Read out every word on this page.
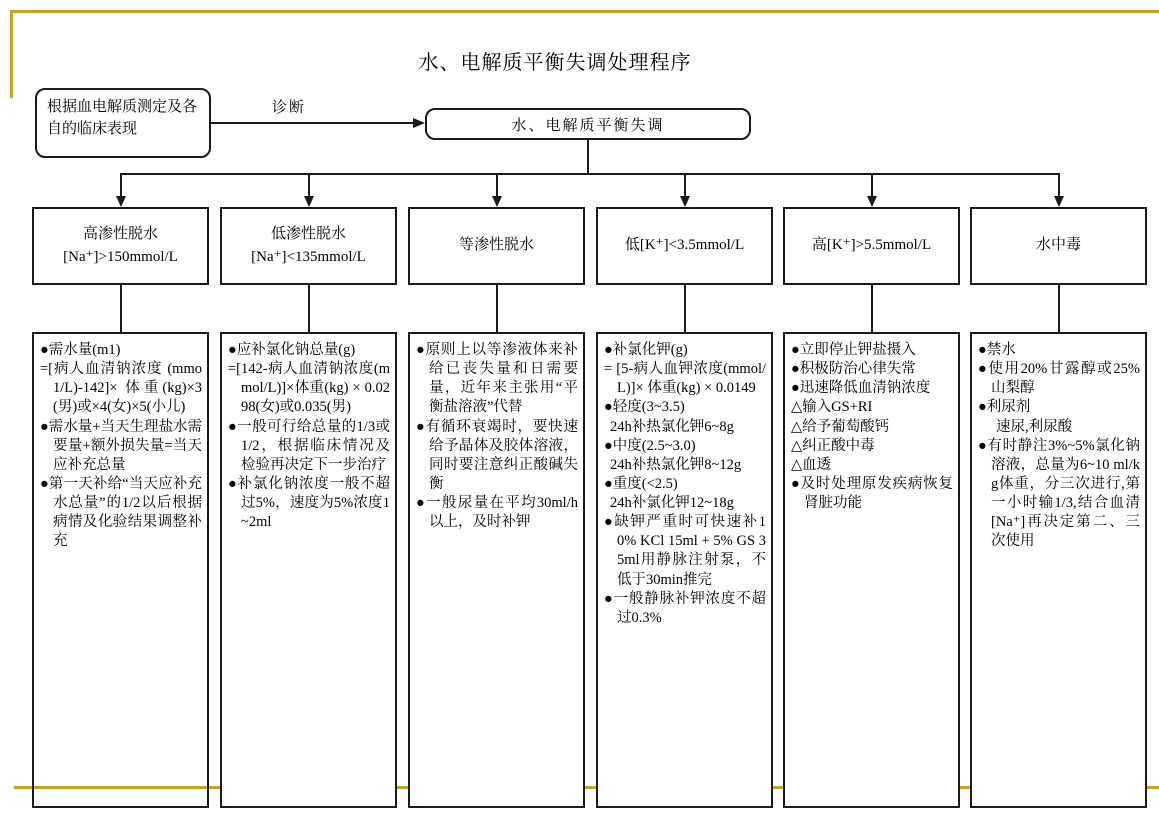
水、电解质平衡失调处理程序
根据血电解质测定及各自的临床表现
诊断
水、电解质平衡失调
高渗性脱水
[Na⁺]>150mmol/L
●需水量(m1)
=[病人血清钠浓度 (mmo1/L)-142]× 体重(kg)×3(男)或×4(女)×5(小儿)
●需水量+当天生理盐水需要量+额外损失量=当天应补充总量
●第一天补给“当天应补充水总量”的1/2以后根据病情及化验结果调整补充
低渗性脱水
[Na⁺]<135mmol/L
●应补氯化钠总量(g)
=[142-病人血清钠浓度(mmol/L)]×体重(kg) × 0.0298(女)或0.035(男)
●一般可行给总量的1/3或1/2，根据临床情况及检验再决定下一步治疗
●补氯化钠浓度一般不超过5%，速度为5%浓度1~2ml
等渗性脱水
●原则上以等渗液体来补给已丧失量和日需要量，近年来主张用“平衡盐溶液”代替
●有循环衰竭时，要快速给予晶体及胶体溶液，同时要注意纠正酸碱失衡
●一般尿量在平均30ml/h以上，及时补钾
低[K⁺]<3.5mmol/L
●补氯化钾(g)
= [5-病人血钾浓度(mmol/L)]× 体重(kg) × 0.0149
●轻度(3~3.5)
24h补热氯化钾6~8g
●中度(2.5~3.0)
24h补热氯化钾8~12g
●重度(<2.5)
24h补氯化钾12~18g
●缺钾严重时可快速补10% KCl 15ml + 5% GS 35ml用静脉注射泵，不低于30min推完
●一般静脉补钾浓度不超过0.3%
高[K⁺]>5.5mmol/L
●立即停止钾盐摄入
●积极防治心律失常
●迅速降低血清钠浓度
△输入GS+RI
△给予葡萄酸钙
△纠正酸中毒
△血透
●及时处理原发疾病恢复肾脏功能
水中毒
●禁水
●使用20%甘露醇或25%山梨醇
●利尿剂
速尿,利尿酸
●有时静注3%~5%氯化钠溶液，总量为6~10 ml/kg体重，分三次进行,第一小时输1/3,结合血清[Na⁺]再决定第二、三次使用
